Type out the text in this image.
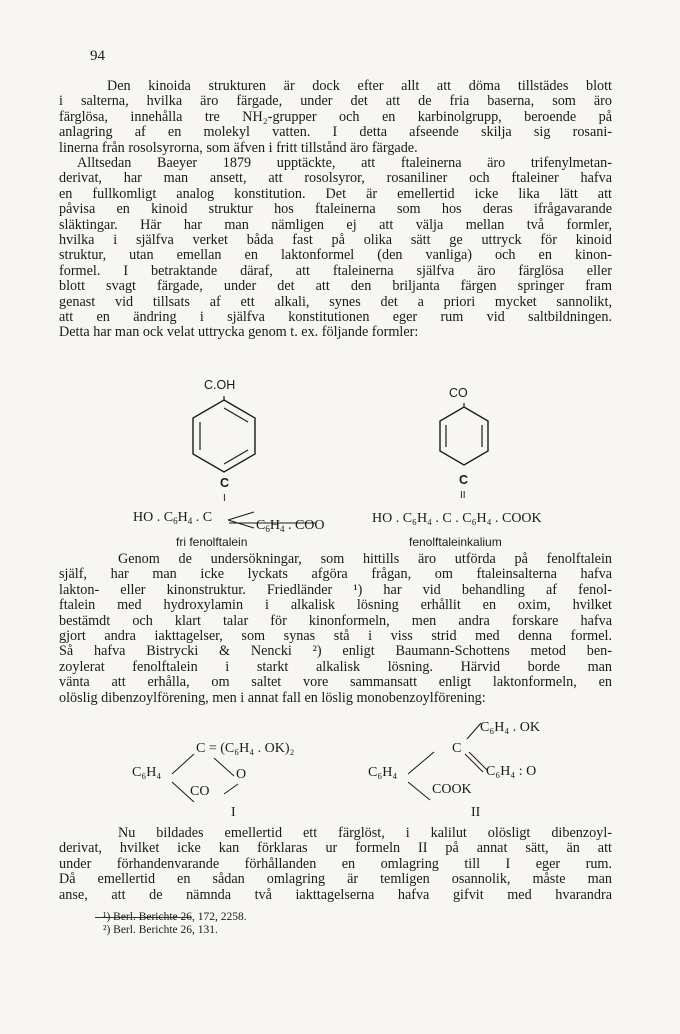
94
Den kinoida strukturen är dock efter allt att döma tillstädes blott
i salterna, hvilka äro färgade, under det att de fria baserna, som äro
färglösa, innehålla tre NH₂-grupper och en karbinolgrupp, beroende på
anlagring af en molekyl vatten. I detta afseende skilja sig rosani-
linerna från rosolsyrorna, som äfven i fritt tillstånd äro färgade.
Alltsedan Baeyer 1879 upptäckte, att ftaleinerna äro trifenylmetan-
derivat, har man ansett, att rosolsyror, rosaniliner och ftaleiner hafva
en fullkomligt analog konstitution. Det är emellertid icke lika lätt att
påvisa en kinoid struktur hos ftaleinerna som hos deras ifrågavarande
släktingar. Här har man nämligen ej att välja mellan två formler,
hvilka i själfva verket båda fast på olika sätt ge uttryck för kinoid
struktur, utan emellan en laktonformel (den vanliga) och en kinon-
formel. I betraktande däraf, att ftaleinerna själfva äro färglösa eller
blott svagt färgade, under det att den briljanta färgen springer fram
genast vid tillsats af ett alkali, synes det a priori mycket sannolikt,
att en ändring i själfva konstitutionen eger rum vid saltbildningen.
Detta har man ock velat uttrycka genom t. ex. följande formler:
C.OH
C
I
HO . $C_6H_4$ . C
$C_6H_4$ . COO
fri fenolftalein
CO
C
II
HO . C₆H₄ . C . C₆H₄ . COOK
fenolftaleinkalium
Genom de undersökningar, som hittills äro utförda på fenolftalein
själf, har man icke lyckats afgöra frågan, om ftaleinsalterna hafva
lakton- eller kinonstruktur. Friedländer ¹) har vid behandling af fenol-
ftalein med hydroxylamin i alkalisk lösning erhållit en oxim, hvilket
bestämdt och klart talar för kinonformeln, men andra forskare hafva
gjort andra iakttagelser, som synas stå i viss strid med denna formel.
Så hafva Bistrycki & Nencki ²) enligt Baumann-Schottens metod ben-
zoylerat fenolftalein i starkt alkalisk lösning. Härvid borde man
vänta att erhålla, om saltet vore sammansatt enligt laktonformeln, en
olöslig dibenzoylförening, men i annat fall en löslig monobenzoylförening:
C₆H₄
C = (C₆H₄ . OK)₂
O
CO
I
C₆H₄
C₆H₄ . OK
C
C₆H₄ : O
COOK
II
Nu bildades emellertid ett färglöst, i kalilut olösligt dibenzoyl-
derivat, hvilket icke kan förklaras ur formeln II på annat sätt, än att
under förhandenvarande förhållanden en omlagring till I eger rum.
Då emellertid en sådan omlagring är temligen osannolik, måste man
anse, att de nämnda två iakttagelserna hafva gifvit med hvarandra
¹) Berl. Berichte 26, 172, 2258.
²) Berl. Berichte 26, 131.
